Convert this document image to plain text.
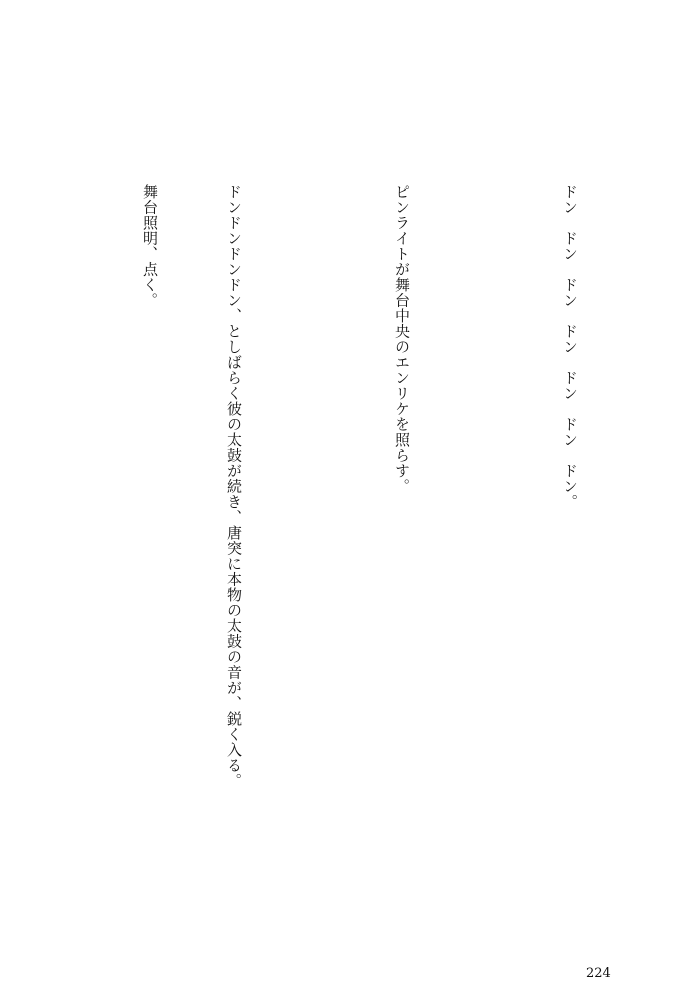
ドン　ドン　ドン　ドン　ドン　ドン　ドン。

ピンライトが舞台中央のエンリケを照らす。

ドンドンドンドン、としばらく彼の太鼓が続き、唐突に本物の太鼓の音が、鋭く入る。

舞台照明、点く。

224
